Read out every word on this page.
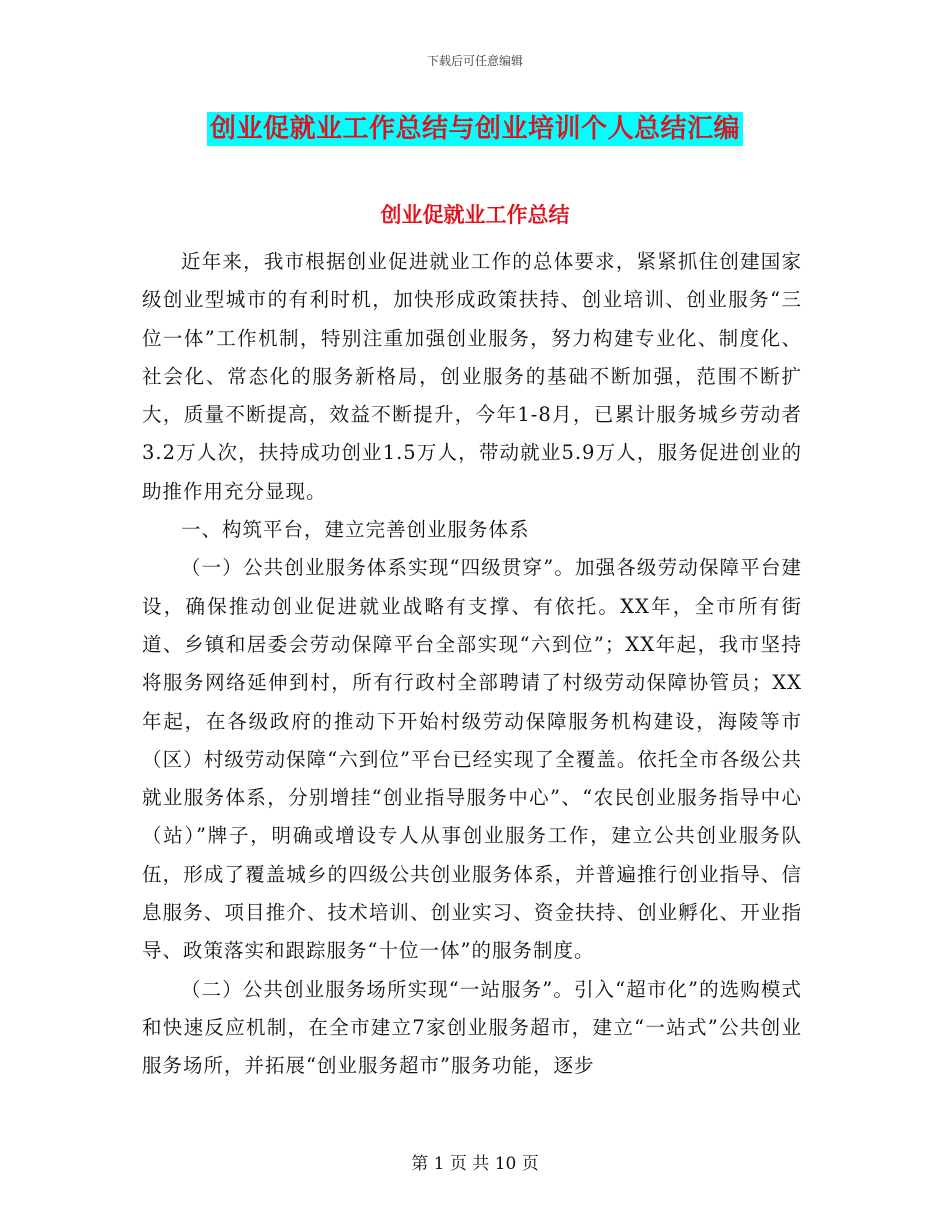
下载后可任意编辑
创业促就业工作总结与创业培训个人总结汇编
创业促就业工作总结

近年来，我市根据创业促进就业工作的总体要求，紧紧抓住创建国家级创业型城市的有利时机，加快形成政策扶持、创业培训、创业服务“三位一体”工作机制，特别注重加强创业服务，努力构建专业化、制度化、社会化、常态化的服务新格局，创业服务的基础不断加强，范围不断扩大，质量不断提高，效益不断提升，今年1-8月，已累计服务城乡劳动者3.2万人次，扶持成功创业1.5万人，带动就业5.9万人，服务促进创业的助推作用充分显现。

一、构筑平台，建立完善创业服务体系

（一）公共创业服务体系实现“四级贯穿”。加强各级劳动保障平台建设，确保推动创业促进就业战略有支撑、有依托。XX年，全市所有街道、乡镇和居委会劳动保障平台全部实现“六到位”；XX年起，我市坚持将服务网络延伸到村，所有行政村全部聘请了村级劳动保障协管员；XX年起，在各级政府的推动下开始村级劳动保障服务机构建设，海陵等市（区）村级劳动保障“六到位”平台已经实现了全覆盖。依托全市各级公共就业服务体系，分别增挂“创业指导服务中心”、“农民创业服务指导中心（站）”牌子，明确或增设专人从事创业服务工作，建立公共创业服务队伍，形成了覆盖城乡的四级公共创业服务体系，并普遍推行创业指导、信息服务、项目推介、技术培训、创业实习、资金扶持、创业孵化、开业指导、政策落实和跟踪服务“十位一体”的服务制度。

（二）公共创业服务场所实现“一站服务”。引入“超市化”的选购模式和快速反应机制，在全市建立7家创业服务超市，建立“一站式”公共创业服务场所，并拓展“创业服务超市”服务功能，逐步

第 1 页 共 10 页
